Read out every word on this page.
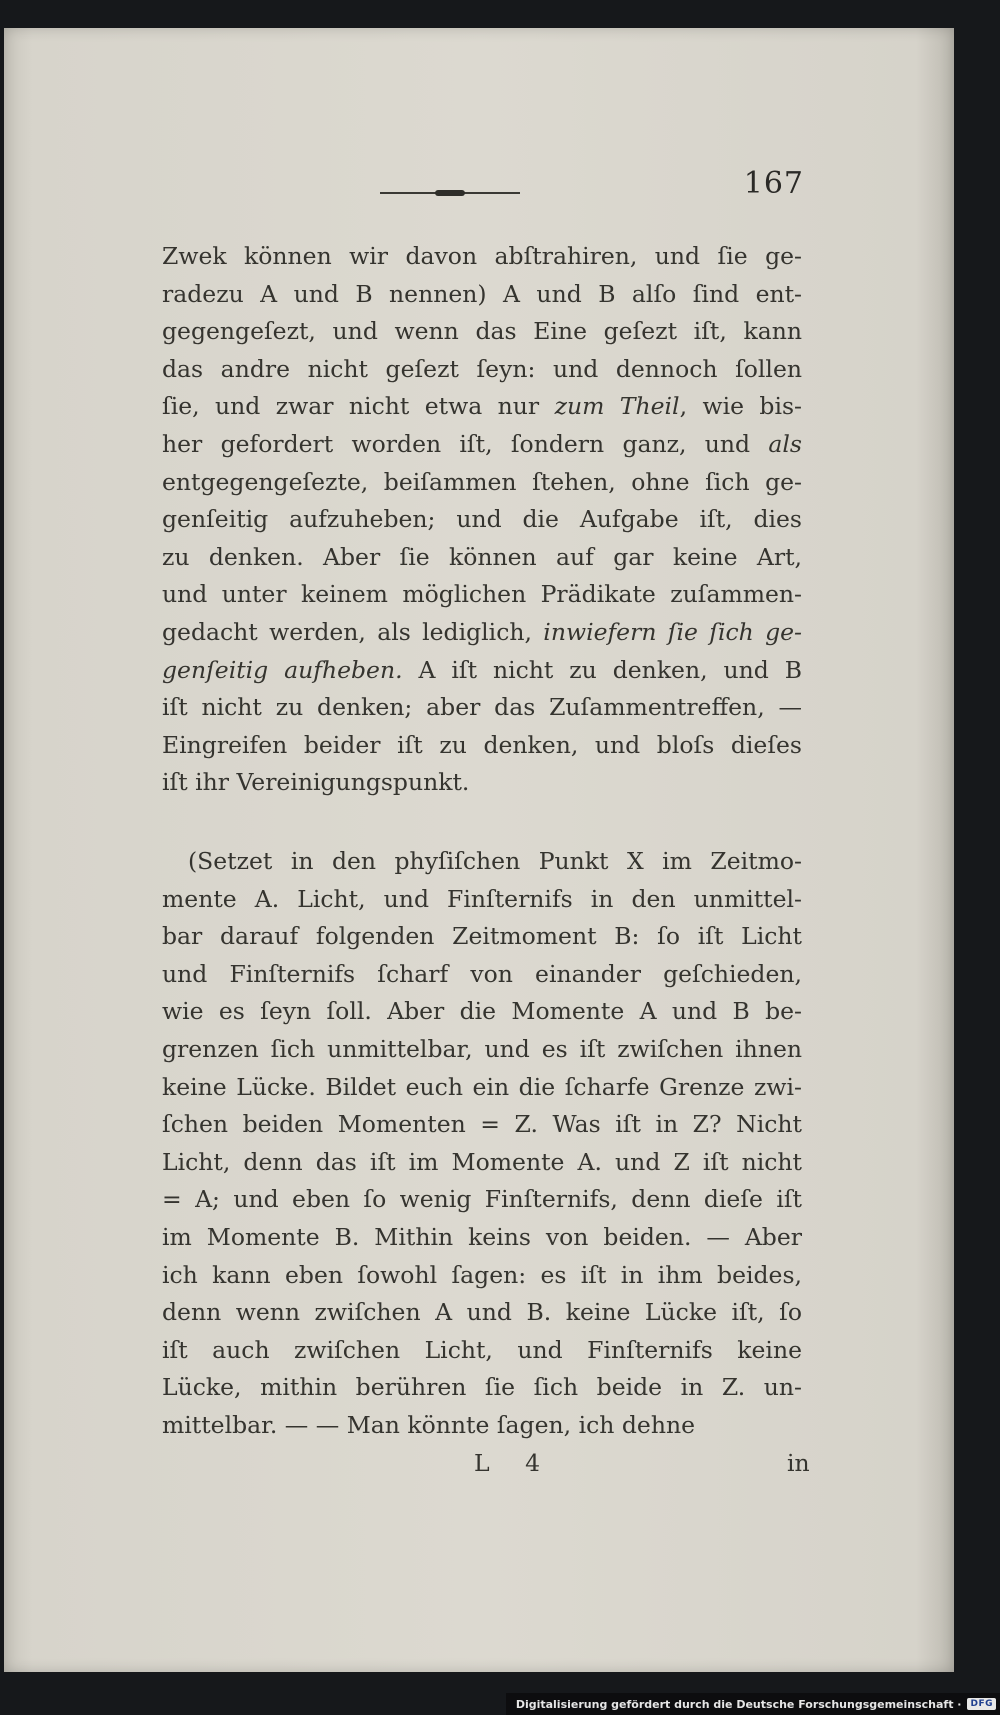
167
Zwek können wir davon abſtrahiren, und ſie ge-
radezu A und B nennen) A und B alſo ſind ent-
gegengeſezt, und wenn das Eine geſezt iſt, kann
das andre nicht geſezt ſeyn: und dennoch ſollen
ſie, und zwar nicht etwa nur zum Theil, wie bis-
her gefordert worden iſt, ſondern ganz, und als
entgegengeſezte, beiſammen ſtehen, ohne ſich ge-
genſeitig aufzuheben; und die Aufgabe iſt, dies
zu denken. Aber ſie können auf gar keine Art,
und unter keinem möglichen Prädikate zuſammen-
gedacht werden, als lediglich, inwiefern ſie ſich ge-
genſeitig aufheben. A iſt nicht zu denken, und B
iſt nicht zu denken; aber das Zuſammentreffen, —
Eingreifen beider iſt zu denken, und bloſs dieſes
iſt ihr Vereinigungspunkt.
(Setzet in den phyſiſchen Punkt X im Zeitmo-
mente A. Licht, und Finſternifs in den unmittel-
bar darauf folgenden Zeitmoment B: ſo iſt Licht
und Finſternifs ſcharf von einander geſchieden,
wie es ſeyn ſoll. Aber die Momente A und B be-
grenzen ſich unmittelbar, und es iſt zwiſchen ihnen
keine Lücke. Bildet euch ein die ſcharfe Grenze zwi-
ſchen beiden Momenten = Z. Was iſt in Z? Nicht
Licht, denn das iſt im Momente A. und Z iſt nicht
= A; und eben ſo wenig Finſternifs, denn dieſe iſt
im Momente B. Mithin keins von beiden. — Aber
ich kann eben ſowohl ſagen: es iſt in ihm beides,
denn wenn zwiſchen A und B. keine Lücke iſt, ſo
iſt auch zwiſchen Licht, und Finſternifs keine
Lücke, mithin berühren ſie ſich beide in Z. un-
mittelbar. — — Man könnte ſagen, ich dehne
L 4	in
Digitalisierung gefördert durch die Deutsche Forschungsgemeinschaft ·	DFG
